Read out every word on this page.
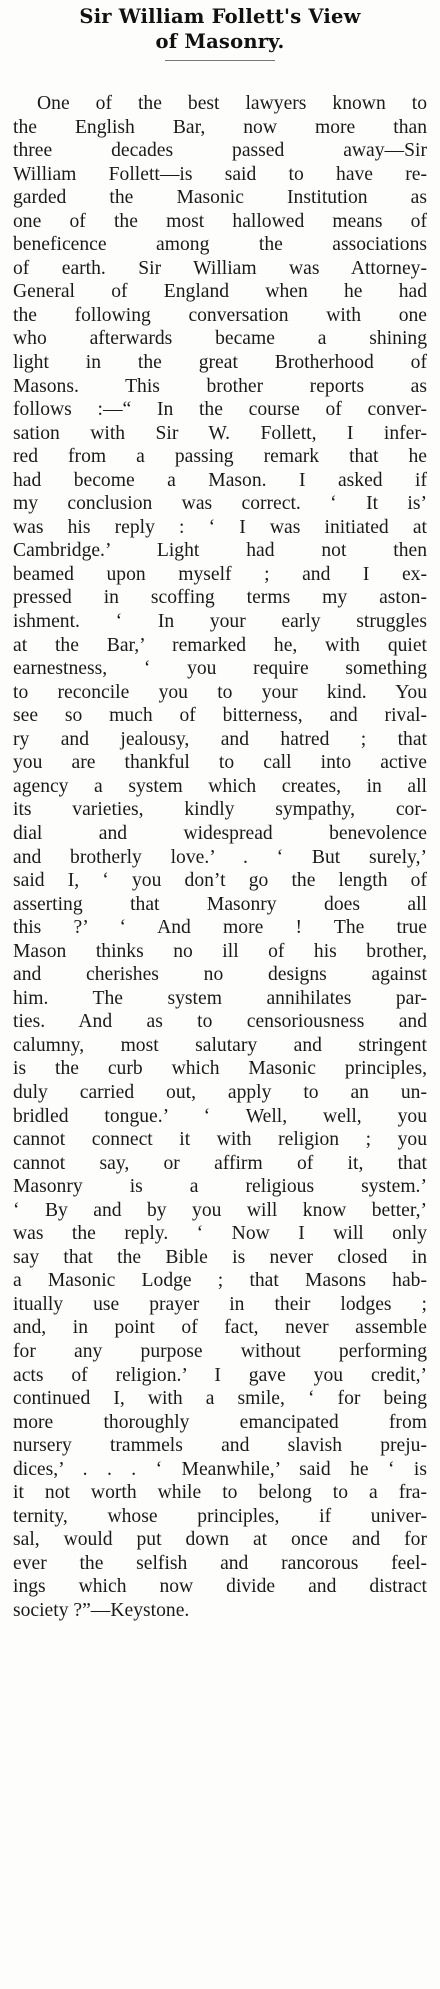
Sir William Follett's View
of Masonry.
One of the best lawyers known to
the English Bar, now more than
three decades passed away—Sir
William Follett—is said to have re-
garded the Masonic Institution as
one of the most hallowed means of
beneficence among the associations
of earth. Sir William was Attorney-
General of England when he had
the following conversation with one
who afterwards became a shining
light in the great Brotherhood of
Masons. This brother reports as
follows :—“ In the course of conver-
sation with Sir W. Follett, I infer-
red from a passing remark that he
had become a Mason. I asked if
my conclusion was correct. ‘ It is’
was his reply : ‘ I was initiated at
Cambridge.’ Light had not then
beamed upon myself ; and I ex-
pressed in scoffing terms my aston-
ishment. ‘ In your early struggles
at the Bar,’ remarked he, with quiet
earnestness, ‘ you require something
to reconcile you to your kind. You
see so much of bitterness, and rival-
ry and jealousy, and hatred ; that
you are thankful to call into active
agency a system which creates, in all
its varieties, kindly sympathy, cor-
dial and widespread benevolence
and brotherly love.’ . ‘ But surely,’
said I, ‘ you don’t go the length of
asserting that Masonry does all
this ?’ ‘ And more ! The true
Mason thinks no ill of his brother,
and cherishes no designs against
him. The system annihilates par-
ties. And as to censoriousness and
calumny, most salutary and stringent
is the curb which Masonic principles,
duly carried out, apply to an un-
bridled tongue.’ ‘ Well, well, you
cannot connect it with religion ; you
cannot say, or affirm of it, that
Masonry is a religious system.’
‘ By and by you will know better,’
was the reply. ‘ Now I will only
say that the Bible is never closed in
a Masonic Lodge ; that Masons hab-
itually use prayer in their lodges ;
and, in point of fact, never assemble
for any purpose without performing
acts of religion.’ I gave you credit,’
continued I, with a smile, ‘ for being
more thoroughly emancipated from
nursery trammels and slavish preju-
dices,’ . . . ‘ Meanwhile,’ said he ‘ is
it not worth while to belong to a fra-
ternity, whose principles, if univer-
sal, would put down at once and for
ever the selfish and rancorous feel-
ings which now divide and distract
society ?”—Keystone.
